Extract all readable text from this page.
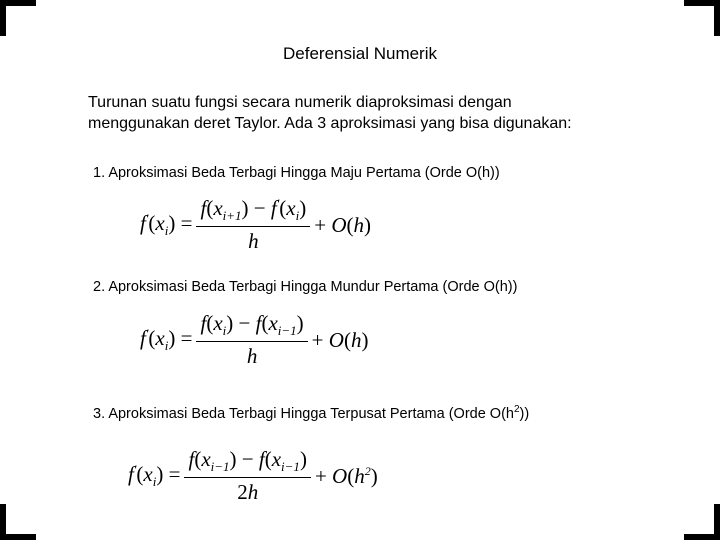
Deferensial Numerik
Turunan suatu fungsi secara numerik diaproksimasi dengan
menggunakan deret Taylor. Ada 3 aproksimasi yang bisa digunakan:
1. Aproksimasi Beda Terbagi Hingga Maju Pertama (Orde O(h))
$f'(x_i) = \frac{f(x_{i+1}) - f'(x_i)}{h} + O(h)$
2. Aproksimasi Beda Terbagi Hingga Mundur Pertama (Orde O(h))
$f'(x_i) = \frac{f(x_i) - f(x_{i-1})}{h} + O(h)$
3. Aproksimasi Beda Terbagi Hingga Terpusat Pertama (Orde $O(h^2)$)
$f'(x_i) = \frac{f(x_{i-1}) - f(x_{i-1})}{2h} + O(h^2)$
